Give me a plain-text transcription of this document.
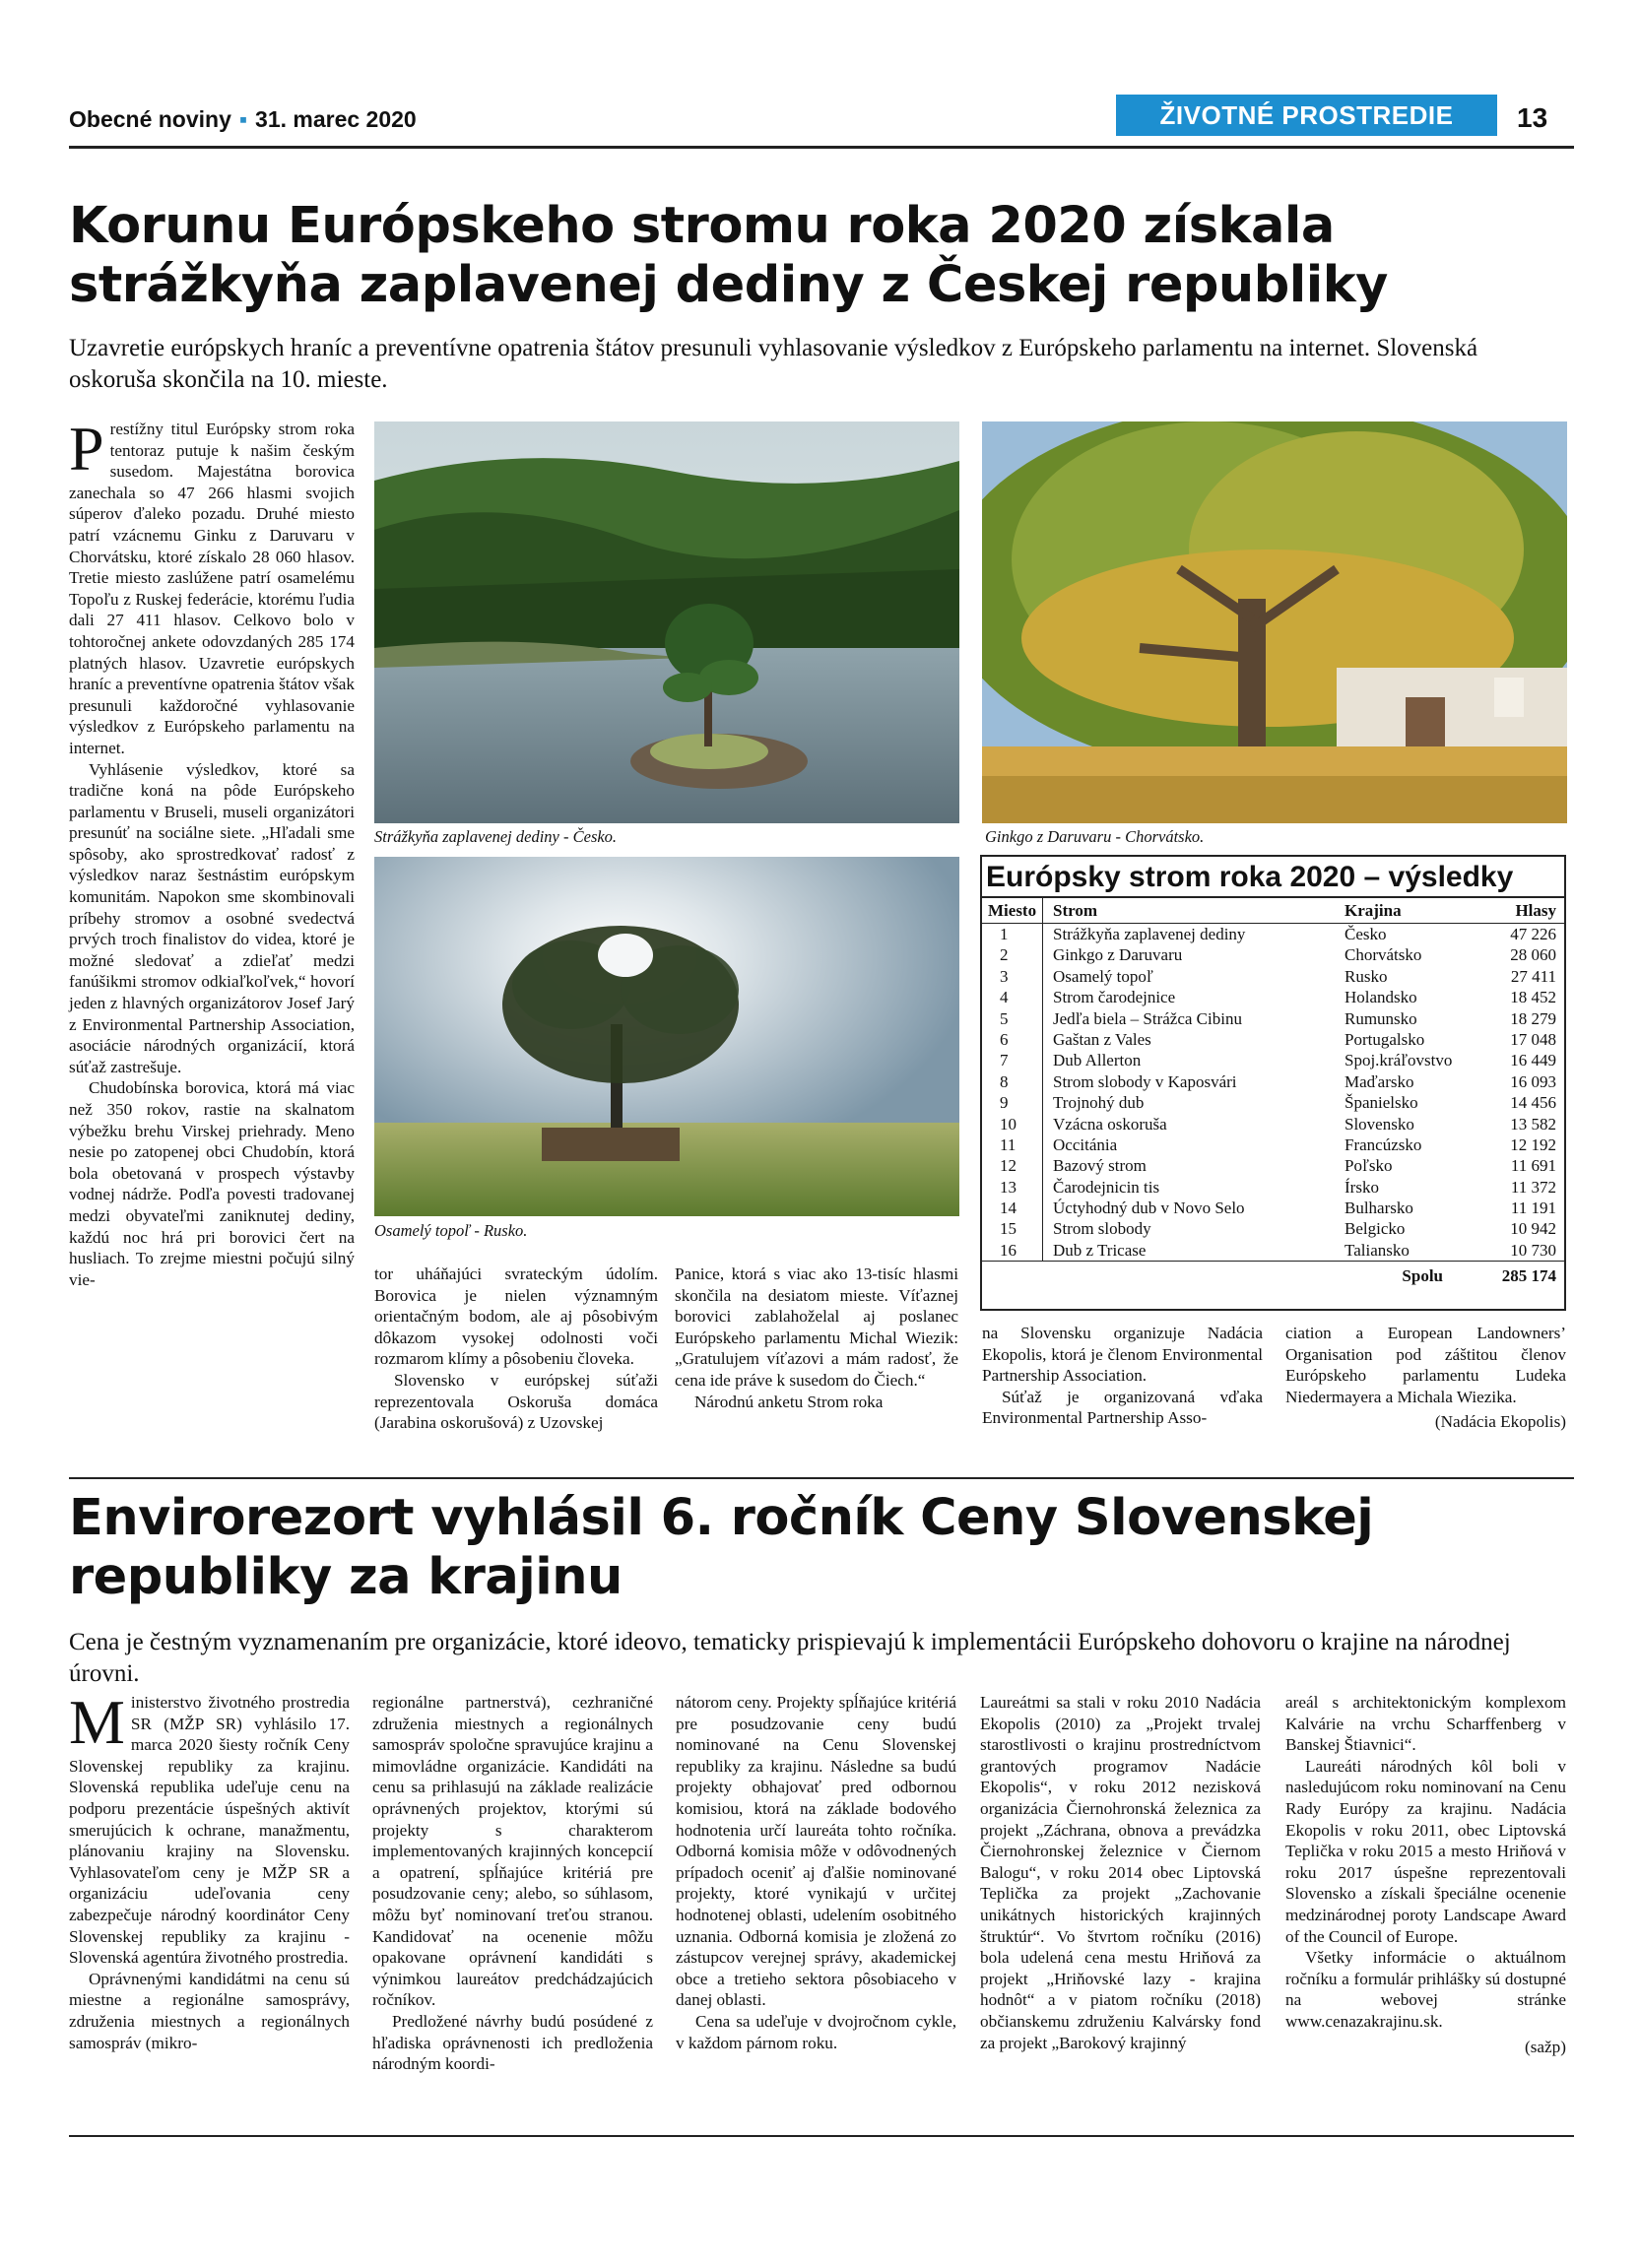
Obecné noviny ▪ 31. marec 2020	ŽIVOTNÉ PROSTREDIE	13
Korunu Európskeho stromu roka 2020 získala strážkyňa zaplavenej dediny z Českej republiky
Uzavretie európskych hraníc a preventívne opatrenia štátov presunuli vyhlasovanie výsledkov z Európskeho parlamentu na internet. Slovenská oskoruša skončila na 10. mieste.

Prestížny titul Európsky strom roka tentoraz putuje k našim českým susedom. Majestátna borovica zanechala so 47 266 hlasmi svojich súperov ďaleko pozadu. Druhé miesto patrí vzácnemu Ginku z Daruvaru v Chorvátsku, ktoré získalo 28 060 hlasov. Tretie miesto zaslúžene patrí osamelému Topoľu z Ruskej federácie, ktorému ľudia dali 27 411 hlasov. Celkovo bolo v tohtoročnej ankete odovzdaných 285 174 platných hlasov. Uzavretie európskych hraníc a preventívne opatrenia štátov však presunuli každoročné vyhlasovanie výsledkov z Európskeho parlamentu na internet.

Vyhlásenie výsledkov, ktoré sa tradične koná na pôde Európskeho parlamentu v Bruseli, museli organizátori presunúť na sociálne siete. „Hľadali sme spôsoby, ako sprostredkovať radosť z výsledkov naraz šestnástim európskym komunitám. Napokon sme skombinovali príbehy stromov a osobné svedectvá prvých troch finalistov do videa, ktoré je možné sledovať a zdieľať medzi fanúšikmi stromov odkiaľkoľvek,“ hovorí jeden z hlavných organizátorov Josef Jarý z Environmental Partnership Association, asociácie národných organizácií, ktorá súťaž zastrešuje.

Chudobínska borovica, ktorá má viac než 350 rokov, rastie na skalnatom výbežku brehu Virskej priehrady. Meno nesie po zatopenej obci Chudobín, ktorá bola obetovaná v prospech výstavby vodnej nádrže. Podľa povesti tradovanej medzi obyvateľmi zaniknutej dediny, každú noc hrá pri borovici čert na husliach. To zrejme miestni počujú silný vie-

Strážkyňa zaplavenej dediny - Česko.	Ginkgo z Daruvaru - Chorvátsko.
Osamelý topoľ - Rusko.

tor uháňajúci svrateckým údolím. Borovica je nielen významným orientačným bodom, ale aj pôsobivým dôkazom vysokej odolnosti voči rozmarom klímy a pôsobeniu človeka.

Slovensko v európskej súťaži reprezentovala Oskoruša domáca (Jarabina oskorušová) z Uzovskej

Panice, ktorá s viac ako 13-tisíc hlasmi skončila na desiatom mieste. Víťaznej borovici zablahoželal aj poslanec Európskeho parlamentu Michal Wiezik: „Gratulujem víťazovi a mám radosť, že cena ide práve k susedom do Čiech.“

Národnú anketu Strom roka

Európsky strom roka 2020 – výsledky
Miesto Strom	Krajina	Hlasy
1	Strážkyňa zaplavenej dediny	Česko	47 226
2	Ginkgo z Daruvaru	Chorvátsko	28 060
3	Osamelý topoľ	Rusko	27 411
4	Strom čarodejnice	Holandsko	18 452
5	Jedľa biela – Strážca Cibinu	Rumunsko	18 279
6	Gaštan z Vales	Portugalsko	17 048
7	Dub Allerton	Spoj.kráľovstvo	16 449
8	Strom slobody v Kaposvári	Maďarsko	16 093
9	Trojnohý dub	Španielsko	14 456
10	Vzácna oskoruša	Slovensko	13 582
11	Occitánia	Francúzsko	12 192
12	Bazový strom	Poľsko	11 691
13	Čarodejnicin tis	Írsko	11 372
14	Úctyhodný dub v Novo Selo	Bulharsko	11 191
15	Strom slobody	Belgicko	10 942
16	Dub z Tricase	Taliansko	10 730
Spolu	285 174

na Slovensku organizuje Nadácia Ekopolis, ktorá je členom Environmental Partnership Association.

Súťaž je organizovaná vďaka Environmental Partnership Asso-

ciation a European Landowners’ Organisation pod záštitou členov Európskeho parlamentu Ludeka Niedermayera a Michala Wiezika.

(Nadácia Ekopolis)
Envirorezort vyhlásil 6. ročník Ceny Slovenskej republiky za krajinu
Cena je čestným vyznamenaním pre organizácie, ktoré ideovo, tematicky prispievajú k implementácii Európskeho dohovoru o krajine na národnej úrovni.

Ministerstvo životného prostredia SR (MŽP SR) vyhlásilo 17. marca 2020 šiesty ročník Ceny Slovenskej republiky za krajinu. Slovenská republika udeľuje cenu na podporu prezentácie úspešných aktivít smerujúcich k ochrane, manažmentu, plánovaniu krajiny na Slovensku. Vyhlasovateľom ceny je MŽP SR a organizáciu udeľovania ceny zabezpečuje národný koordinátor Ceny Slovenskej republiky za krajinu - Slovenská agentúra životného prostredia.

Oprávnenými kandidátmi na cenu sú miestne a regionálne samosprávy, združenia miestnych a regionálnych samospráv (mikro-

regionálne partnerstvá), cezhraničné združenia miestnych a regionálnych samospráv spoločne spravujúce krajinu a mimovládne organizácie. Kandidáti na cenu sa prihlasujú na základe realizácie oprávnených projektov, ktorými sú projekty s charakterom implementovaných krajinných koncepcií a opatrení, spĺňajúce kritériá pre posudzovanie ceny; alebo, so súhlasom, môžu byť nominovaní treťou stranou. Kandidovať na ocenenie môžu opakovane oprávnení kandidáti s výnimkou laureátov predchádzajúcich ročníkov.

Predložené návrhy budú posúdené z hľadiska oprávnenosti ich predloženia národným koordi-

nátorom ceny. Projekty spĺňajúce kritériá pre posudzovanie ceny budú nominované na Cenu Slovenskej republiky za krajinu. Následne sa budú projekty obhajovať pred odbornou komisiou, ktorá na základe bodového hodnotenia určí laureáta tohto ročníka. Odborná komisia môže v odôvodnených prípadoch oceniť aj ďalšie nominované projekty, ktoré vynikajú v určitej hodnotenej oblasti, udelením osobitného uznania. Odborná komisia je zložená zo zástupcov verejnej správy, akademickej obce a tretieho sektora pôsobiaceho v danej oblasti.

Cena sa udeľuje v dvojročnom cykle, v každom párnom roku.

Laureátmi sa stali v roku 2010 Nadácia Ekopolis (2010) za „Projekt trvalej starostlivosti o krajinu prostredníctvom grantových programov Nadácie Ekopolis“, v roku 2012 nezisková organizácia Čiernohronská železnica za projekt „Záchrana, obnova a prevádzka Čiernohronskej železnice v Čiernom Balogu“, v roku 2014 obec Liptovská Teplička za projekt „Zachovanie unikátnych historických krajinných štruktúr“. Vo štvrtom ročníku (2016) bola udelená cena mestu Hriňová za projekt „Hriňovské lazy - krajina hodnôt“ a v piatom ročníku (2018) občianskemu združeniu Kalvársky fond za projekt „Barokový krajinný

areál s architektonickým komplexom Kalvárie na vrchu Scharffenberg v Banskej Štiavnici“.

Laureáti národných kôl boli v nasledujúcom roku nominovaní na Cenu Rady Európy za krajinu. Nadácia Ekopolis v roku 2011, obec Liptovská Teplička v roku 2015 a mesto Hriňová v roku 2017 úspešne reprezentovali Slovensko a získali špeciálne ocenenie medzinárodnej poroty Landscape Award of the Council of Europe.

Všetky informácie o aktuálnom ročníku a formulár prihlášky sú dostupné na webovej stránke www.cenazakrajinu.sk.

(sažp)
